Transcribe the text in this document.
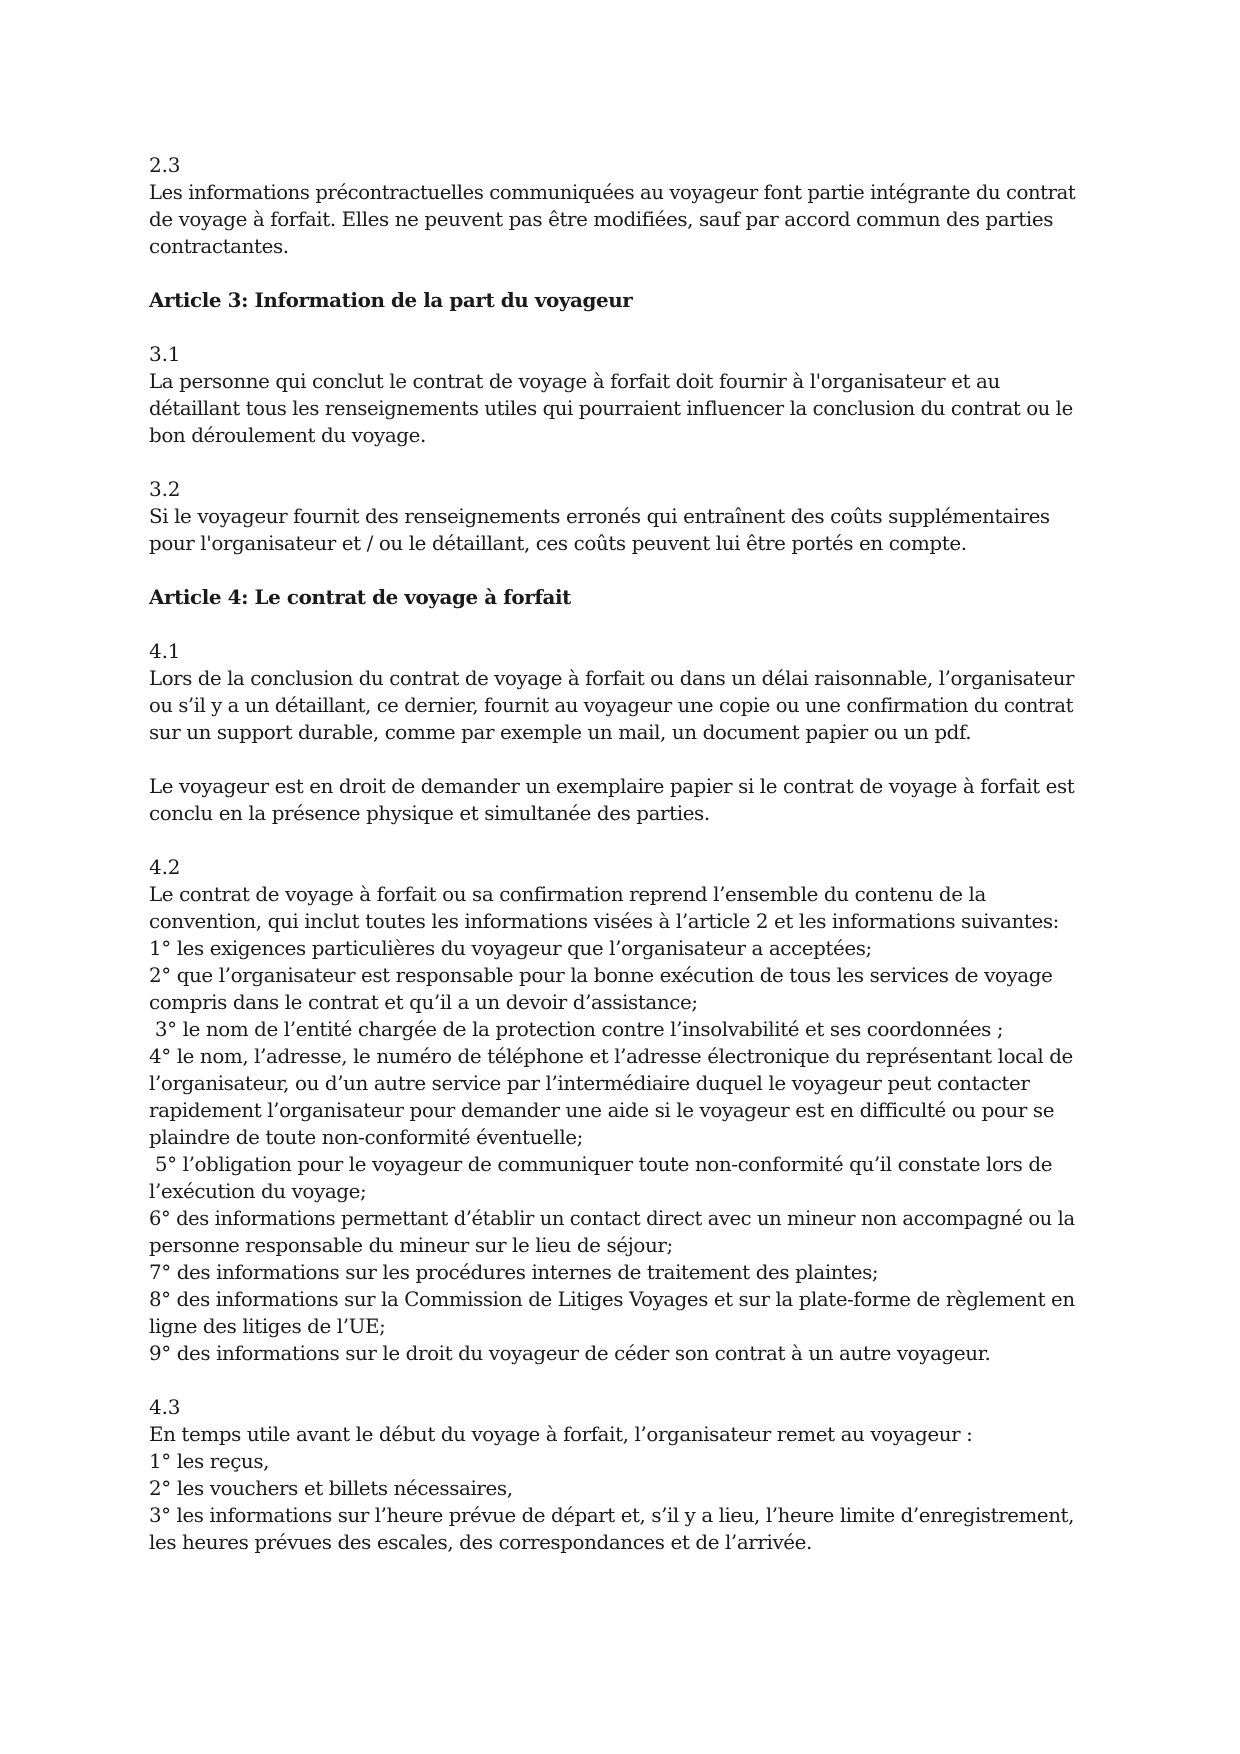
2.3
Les informations précontractuelles communiquées au voyageur font partie intégrante du contrat
de voyage à forfait. Elles ne peuvent pas être modifiées, sauf par accord commun des parties
contractantes.
Article 3: Information de la part du voyageur
3.1
La personne qui conclut le contrat de voyage à forfait doit fournir à l'organisateur et au
détaillant tous les renseignements utiles qui pourraient influencer la conclusion du contrat ou le
bon déroulement du voyage.
3.2
Si le voyageur fournit des renseignements erronés qui entraînent des coûts supplémentaires
pour l'organisateur et / ou le détaillant, ces coûts peuvent lui être portés en compte.
Article 4: Le contrat de voyage à forfait
4.1
Lors de la conclusion du contrat de voyage à forfait ou dans un délai raisonnable, l’organisateur
ou s’il y a un détaillant, ce dernier, fournit au voyageur une copie ou une confirmation du contrat
sur un support durable, comme par exemple un mail, un document papier ou un pdf.
Le voyageur est en droit de demander un exemplaire papier si le contrat de voyage à forfait est
conclu en la présence physique et simultanée des parties.
4.2
Le contrat de voyage à forfait ou sa confirmation reprend l’ensemble du contenu de la
convention, qui inclut toutes les informations visées à l’article 2 et les informations suivantes:
1° les exigences particulières du voyageur que l’organisateur a acceptées;
2° que l’organisateur est responsable pour la bonne exécution de tous les services de voyage
compris dans le contrat et qu’il a un devoir d’assistance;
3° le nom de l’entité chargée de la protection contre l’insolvabilité et ses coordonnées ;
4° le nom, l’adresse, le numéro de téléphone et l’adresse électronique du représentant local de
l’organisateur, ou d’un autre service par l’intermédiaire duquel le voyageur peut contacter
rapidement l’organisateur pour demander une aide si le voyageur est en difficulté ou pour se
plaindre de toute non-conformité éventuelle;
5° l’obligation pour le voyageur de communiquer toute non-conformité qu’il constate lors de
l’exécution du voyage;
6° des informations permettant d’établir un contact direct avec un mineur non accompagné ou la
personne responsable du mineur sur le lieu de séjour;
7° des informations sur les procédures internes de traitement des plaintes;
8° des informations sur la Commission de Litiges Voyages et sur la plate-forme de règlement en
ligne des litiges de l’UE;
9° des informations sur le droit du voyageur de céder son contrat à un autre voyageur.
4.3
En temps utile avant le début du voyage à forfait, l’organisateur remet au voyageur :
1° les reçus,
2° les vouchers et billets nécessaires,
3° les informations sur l’heure prévue de départ et, s’il y a lieu, l’heure limite d’enregistrement,
les heures prévues des escales, des correspondances et de l’arrivée.
